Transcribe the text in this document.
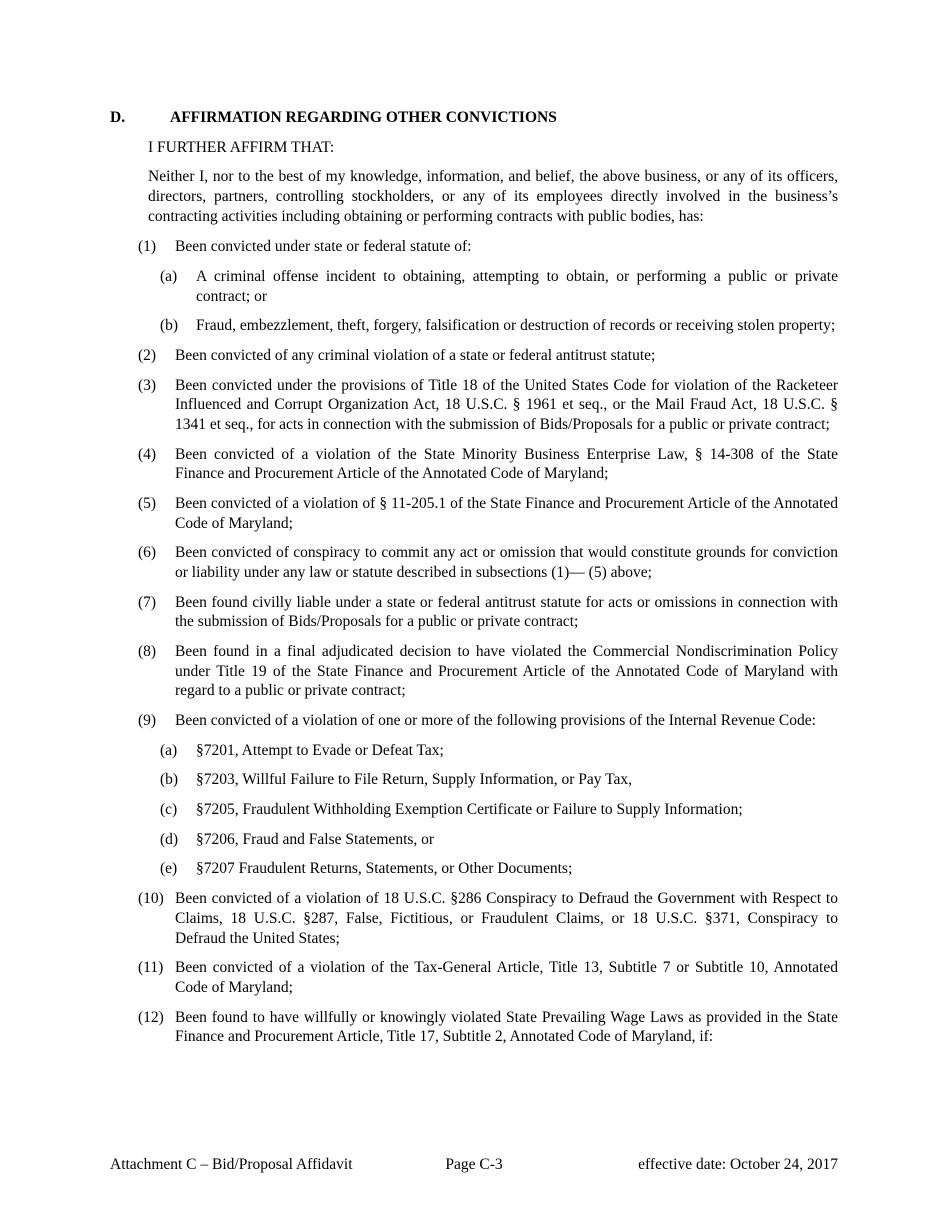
D.	AFFIRMATION REGARDING OTHER CONVICTIONS
I FURTHER AFFIRM THAT:
Neither I, nor to the best of my knowledge, information, and belief, the above business, or any of its officers, directors, partners, controlling stockholders, or any of its employees directly involved in the business’s contracting activities including obtaining or performing contracts with public bodies, has:
(1) Been convicted under state or federal statute of:
(a) A criminal offense incident to obtaining, attempting to obtain, or performing a public or private contract; or
(b) Fraud, embezzlement, theft, forgery, falsification or destruction of records or receiving stolen property;
(2) Been convicted of any criminal violation of a state or federal antitrust statute;
(3) Been convicted under the provisions of Title 18 of the United States Code for violation of the Racketeer Influenced and Corrupt Organization Act, 18 U.S.C. § 1961 et seq., or the Mail Fraud Act, 18 U.S.C. § 1341 et seq., for acts in connection with the submission of Bids/Proposals for a public or private contract;
(4) Been convicted of a violation of the State Minority Business Enterprise Law, § 14-308 of the State Finance and Procurement Article of the Annotated Code of Maryland;
(5) Been convicted of a violation of § 11-205.1 of the State Finance and Procurement Article of the Annotated Code of Maryland;
(6) Been convicted of conspiracy to commit any act or omission that would constitute grounds for conviction or liability under any law or statute described in subsections (1)— (5) above;
(7) Been found civilly liable under a state or federal antitrust statute for acts or omissions in connection with the submission of Bids/Proposals for a public or private contract;
(8) Been found in a final adjudicated decision to have violated the Commercial Nondiscrimination Policy under Title 19 of the State Finance and Procurement Article of the Annotated Code of Maryland with regard to a public or private contract;
(9) Been convicted of a violation of one or more of the following provisions of the Internal Revenue Code:
(a) §7201, Attempt to Evade or Defeat Tax;
(b) §7203, Willful Failure to File Return, Supply Information, or Pay Tax,
(c) §7205, Fraudulent Withholding Exemption Certificate or Failure to Supply Information;
(d) §7206, Fraud and False Statements, or
(e) §7207 Fraudulent Returns, Statements, or Other Documents;
(10) Been convicted of a violation of 18 U.S.C. §286 Conspiracy to Defraud the Government with Respect to Claims, 18 U.S.C. §287, False, Fictitious, or Fraudulent Claims, or 18 U.S.C. §371, Conspiracy to Defraud the United States;
(11) Been convicted of a violation of the Tax-General Article, Title 13, Subtitle 7 or Subtitle 10, Annotated Code of Maryland;
(12) Been found to have willfully or knowingly violated State Prevailing Wage Laws as provided in the State Finance and Procurement Article, Title 17, Subtitle 2, Annotated Code of Maryland, if:
Attachment C – Bid/Proposal Affidavit	Page C-3	effective date: October 24, 2017
